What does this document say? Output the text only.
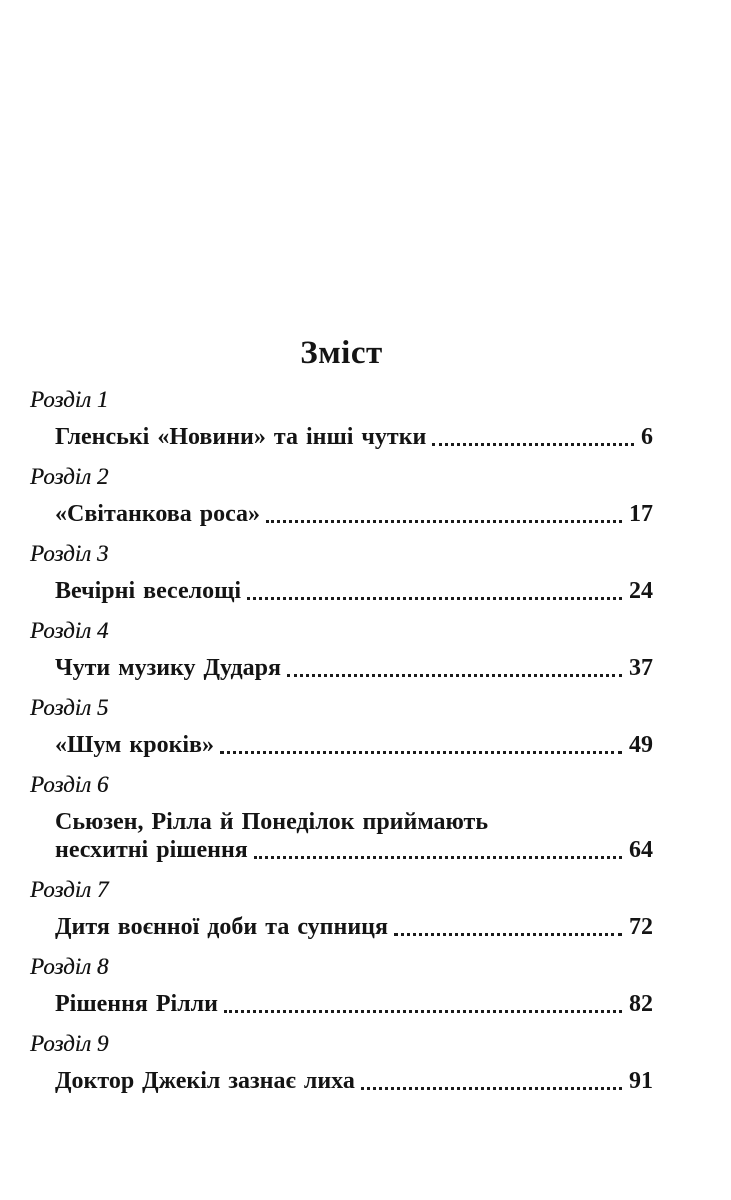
Зміст
Розділ 1
Гленські «Новини» та інші чутки	6
Розділ 2
«Світанкова роса»	17
Розділ 3
Вечірні веселощі	24
Розділ 4
Чути музику Дударя	37
Розділ 5
«Шум кроків»	49
Розділ 6
Сьюзен, Рілла й Понеділок приймають
несхитні рішення	64
Розділ 7
Дитя воєнної доби та супниця	72
Розділ 8
Рішення Рілли	82
Розділ 9
Доктор Джекіл зазнає лиха	91
